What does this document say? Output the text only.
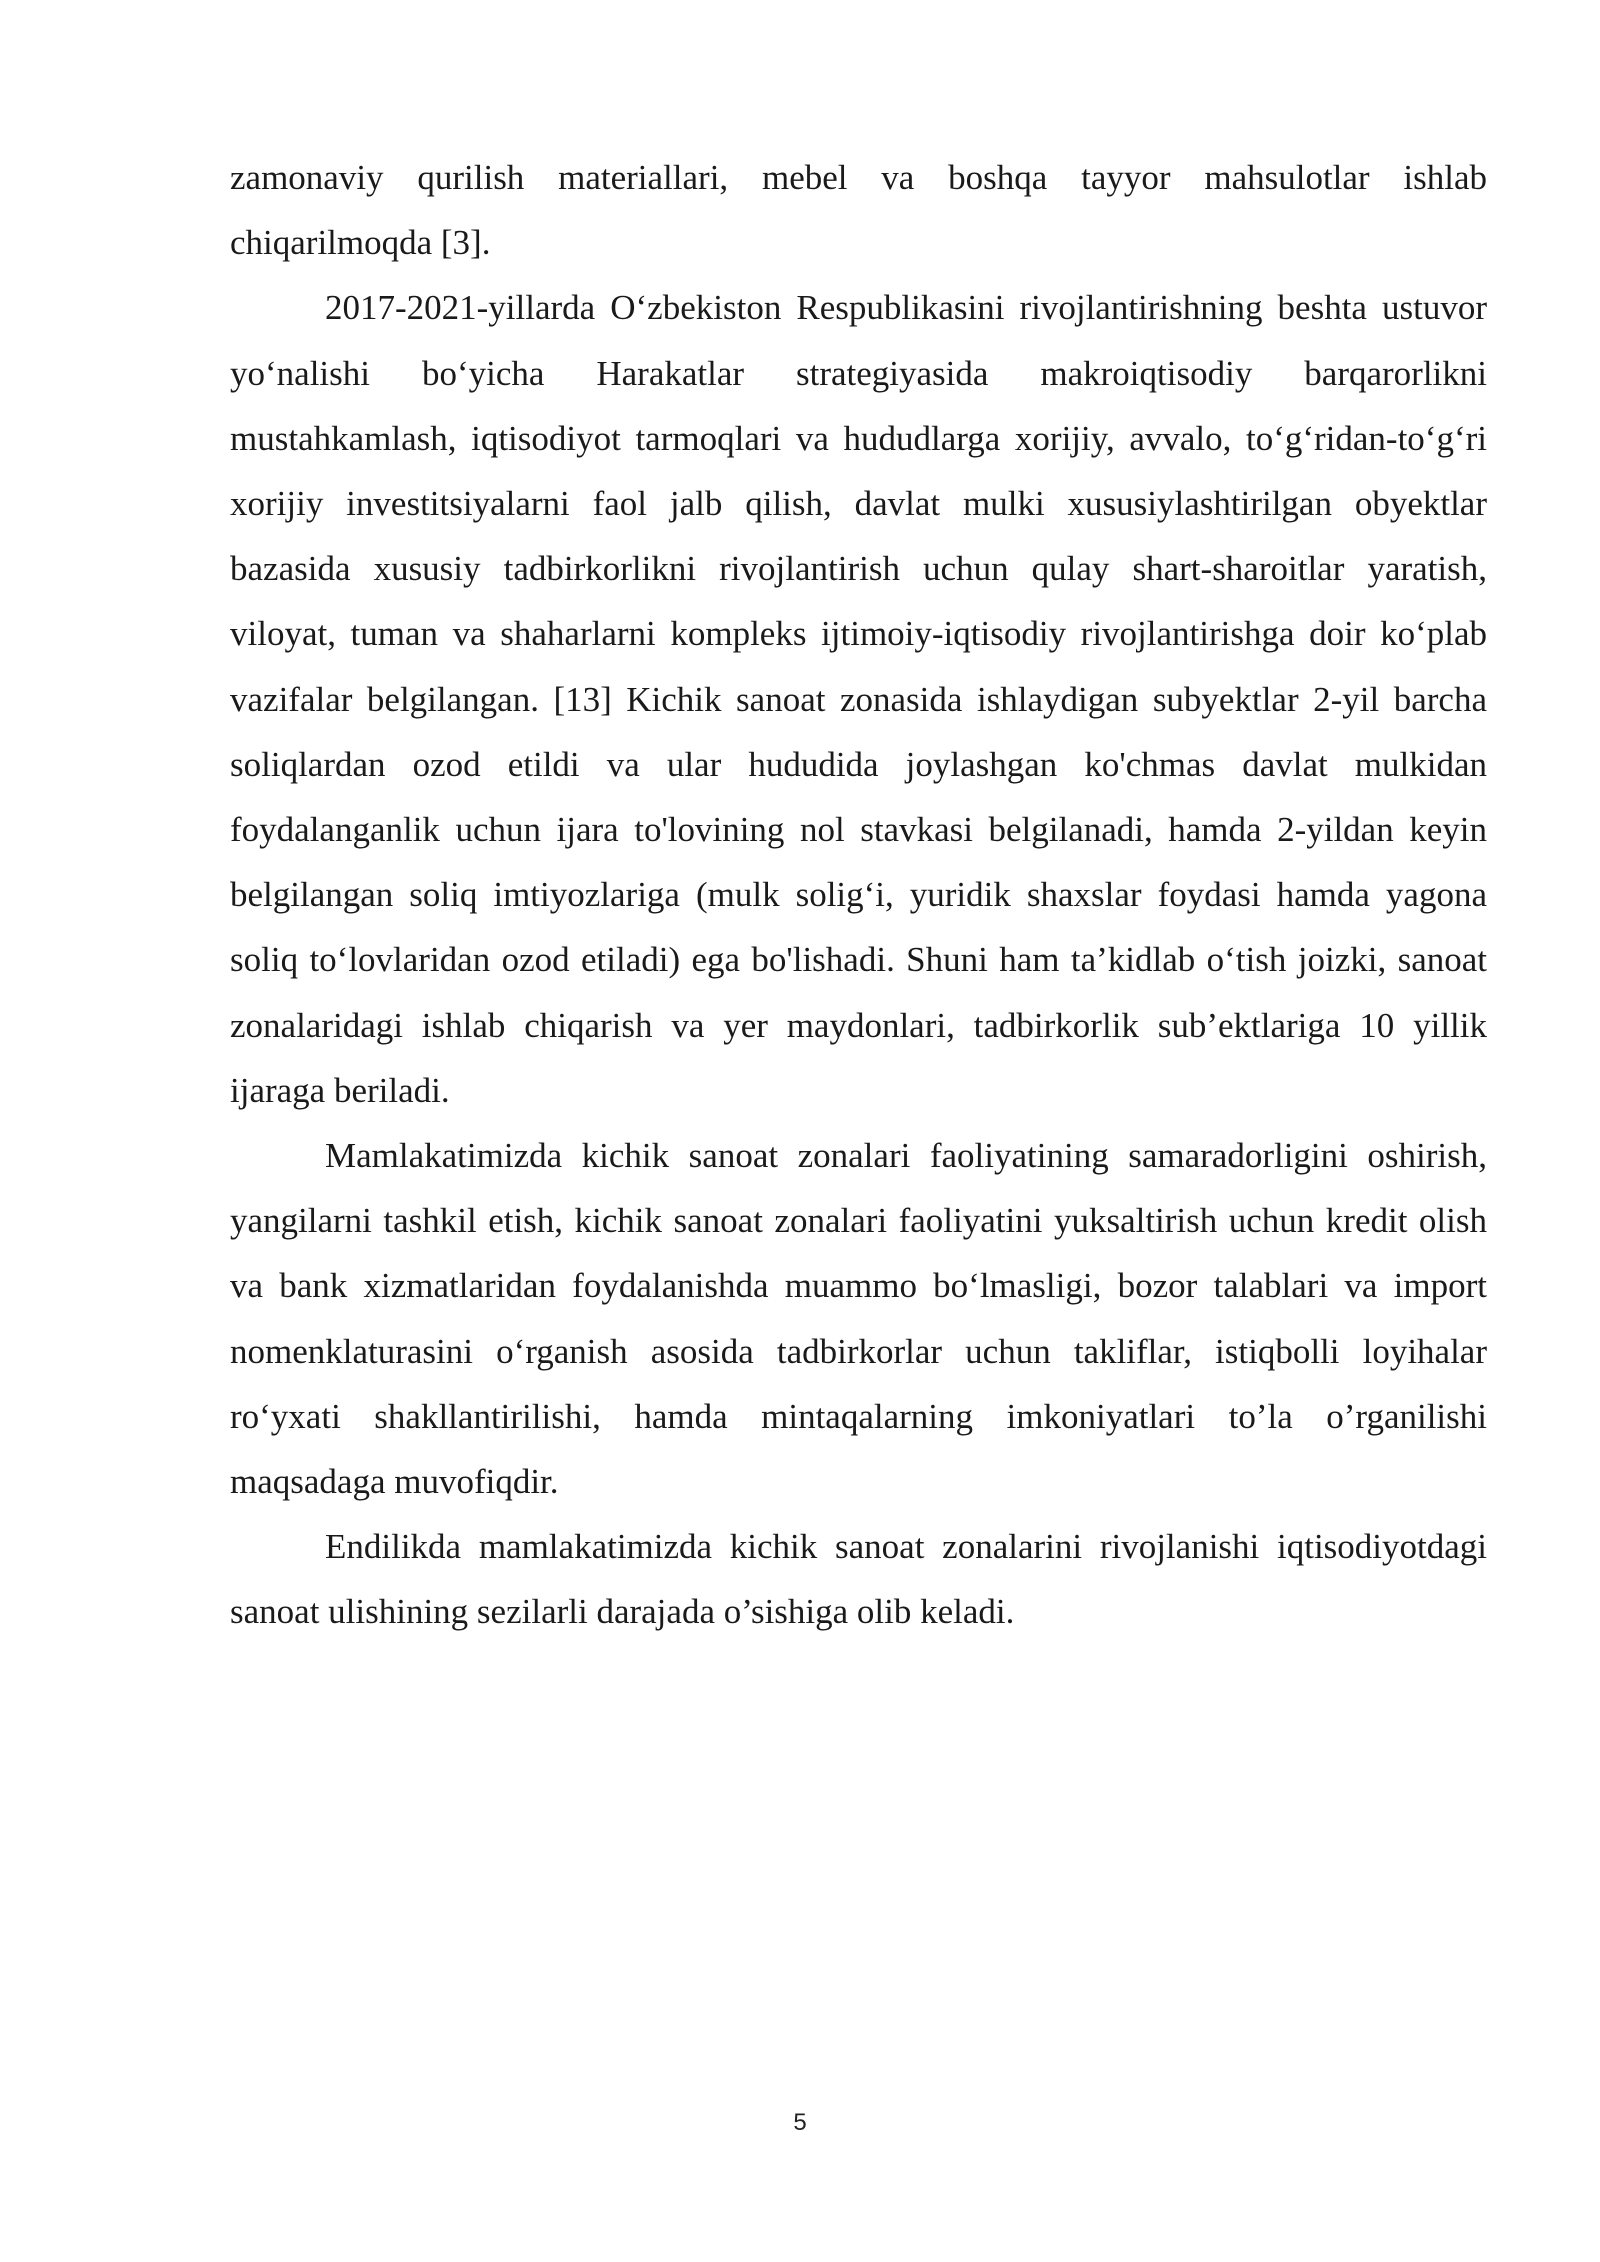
zamonaviy qurilish materiallari, mebel va boshqa tayyor mahsulotlar ishlab chiqarilmoqda [3].

2017-2021-yillarda O‘zbekiston Respublikasini rivojlantirishning beshta ustuvor yo‘nalishi bo‘yicha Harakatlar strategiyasida makroiqtisodiy barqarorlikni mustahkamlash, iqtisodiyot tarmoqlari va hududlarga xorijiy, avvalo, to‘g‘ridan-to‘g‘ri xorijiy investitsiyalarni faol jalb qilish, davlat mulki xususiylashtirilgan obyektlar bazasida xususiy tadbirkorlikni rivojlantirish uchun qulay shart-sharoitlar yaratish, viloyat, tuman va shaharlarni kompleks ijtimoiy-iqtisodiy rivojlantirishga doir ko‘plab vazifalar belgilangan. [13] Kichik sanoat zonasida ishlaydigan subyektlar 2-yil barcha soliqlardan ozod etildi va ular hududida joylashgan ko'chmas davlat mulkidan foydalanganlik uchun ijara to'lovining nol stavkasi belgilanadi, hamda 2-yildan keyin belgilangan soliq imtiyozlariga (mulk solig‘i, yuridik shaxslar foydasi hamda yagona soliq to‘lovlaridan ozod etiladi) ega bo'lishadi. Shuni ham ta’kidlab o‘tish joizki, sanoat zonalaridagi ishlab chiqarish va yer maydonlari, tadbirkorlik sub’ektlariga 10 yillik ijaraga beriladi.

Mamlakatimizda kichik sanoat zonalari faoliyatining samaradorligini oshirish, yangilarni tashkil etish, kichik sanoat zonalari faoliyatini yuksaltirish uchun kredit olish va bank xizmatlaridan foydalanishda muammo bo‘lmasligi, bozor talablari va import nomenklaturasini o‘rganish asosida tadbirkorlar uchun takliflar, istiqbolli loyihalar ro‘yxati shakllantirilishi, hamda mintaqalarning imkoniyatlari to’la o’rganilishi maqsadaga muvofiqdir.

Endilikda mamlakatimizda kichik sanoat zonalarini rivojlanishi iqtisodiyotdagi sanoat ulishining sezilarli darajada o’sishiga olib keladi.

5
